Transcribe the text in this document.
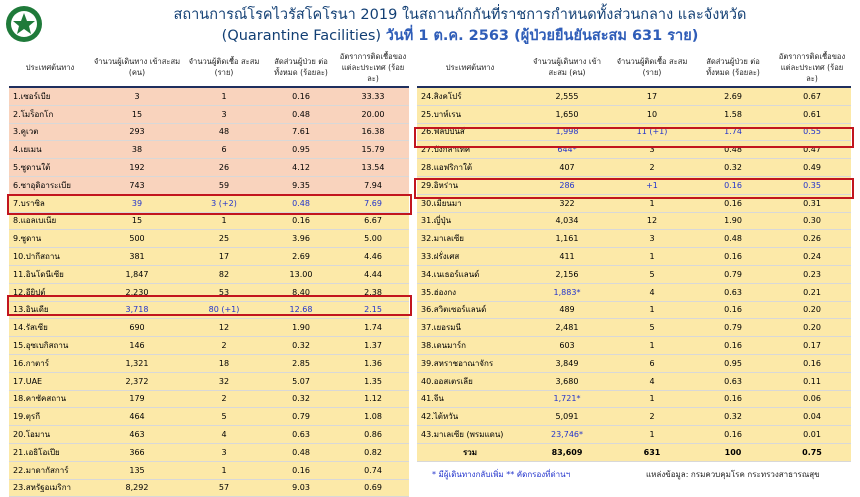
สถานการณ์โรคไวรัสโคโรนา 2019 ในสถานกักกันที่ราชการกำหนดทั้งส่วนกลาง และจังหวัด
(Quarantine Facilities) วันที่ 1 ต.ค. 2563 (ผู้ป่วยยืนยันสะสม 631 ราย)
ประเทศต้นทาง	จำนวนผู้เดินทาง เข้าสะสม (คน)	จำนวนผู้ติดเชื้อ สะสม (ราย)	สัดส่วนผู้ป่วย ต่อทั้งหมด (ร้อยละ)	อัตราการติดเชื้อของแต่ละประเทศ (ร้อยละ)
1.เซอร์เบีย	3	1	0.16	33.33
2.โมร็อกโก	15	3	0.48	20.00
3.คูเวต	293	48	7.61	16.38
4.เยเมน	38	6	0.95	15.79
5.ซูดานใต้	192	26	4.12	13.54
6.ซาอุดิอาระเบีย	743	59	9.35	7.94
7.บราซิล	39	3 (+2)	0.48	7.69
8.แอลเบเนีย	15	1	0.16	6.67
9.ซูดาน	500	25	3.96	5.00
10.ปากีสถาน	381	17	2.69	4.46
11.อินโดนีเซีย	1,847	82	13.00	4.44
12.อียิปต์	2,230	53	8.40	2.38
13.อินเดีย	3,718	80 (+1)	12.68	2.15
14.รัสเซีย	690	12	1.90	1.74
15.อุซเบกิสถาน	146	2	0.32	1.37
16.กาตาร์	1,321	18	2.85	1.36
17.UAE	2,372	32	5.07	1.35
18.คาซัคสถาน	179	2	0.32	1.12
19.ตุรกี	464	5	0.79	1.08
20.โอมาน	463	4	0.63	0.86
21.เอธิโอเปีย	366	3	0.48	0.82
22.มาดากัสการ์	135	1	0.16	0.74
23.สหรัฐอเมริกา	8,292	57	9.03	0.69
ประเทศต้นทาง	จำนวนผู้เดินทาง เข้าสะสม (คน)	จำนวนผู้ติดเชื้อ สะสม (ราย)	สัดส่วนผู้ป่วย ต่อทั้งหมด (ร้อยละ)	อัตราการติดเชื้อของแต่ละประเทศ (ร้อยละ)
24.สิงคโปร์	2,555	17	2.69	0.67
25.บาห์เรน	1,650	10	1.58	0.61
26.ฟิลิปปินส์	1,998	11 (+1)	1.74	0.55
27.บังกลาเทศ	644*	3	0.48	0.47
28.แอฟริกาใต้	407	2	0.32	0.49
29.อิหร่าน	286	+1	0.16	0.35
30.เมียนมา	322	1	0.16	0.31
31.ญี่ปุ่น	4,034	12	1.90	0.30
32.มาเลเซีย	1,161	3	0.48	0.26
33.ฝรั่งเศส	411	1	0.16	0.24
34.เนเธอร์แลนด์	2,156	5	0.79	0.23
35.ฮ่องกง	1,883*	4	0.63	0.21
36.สวิตเซอร์แลนด์	489	1	0.16	0.20
37.เยอรมนี	2,481	5	0.79	0.20
38.เดนมาร์ก	603	1	0.16	0.17
39.สหราชอาณาจักร	3,849	6	0.95	0.16
40.ออสเตรเลีย	3,680	4	0.63	0.11
41.จีน	1,721*	1	0.16	0.06
42.ไต้หวัน	5,091	2	0.32	0.04
43.มาเลเซีย (พรมแดน)	23,746*	1	0.16	0.01
รวม	83,609	631	100	0.75
* มีผู้เดินทางกลับเพิ่ม ** คัดกรองที่ด่านฯ	แหล่งข้อมูล: กรมควบคุมโรค กระทรวงสาธารณสุข
